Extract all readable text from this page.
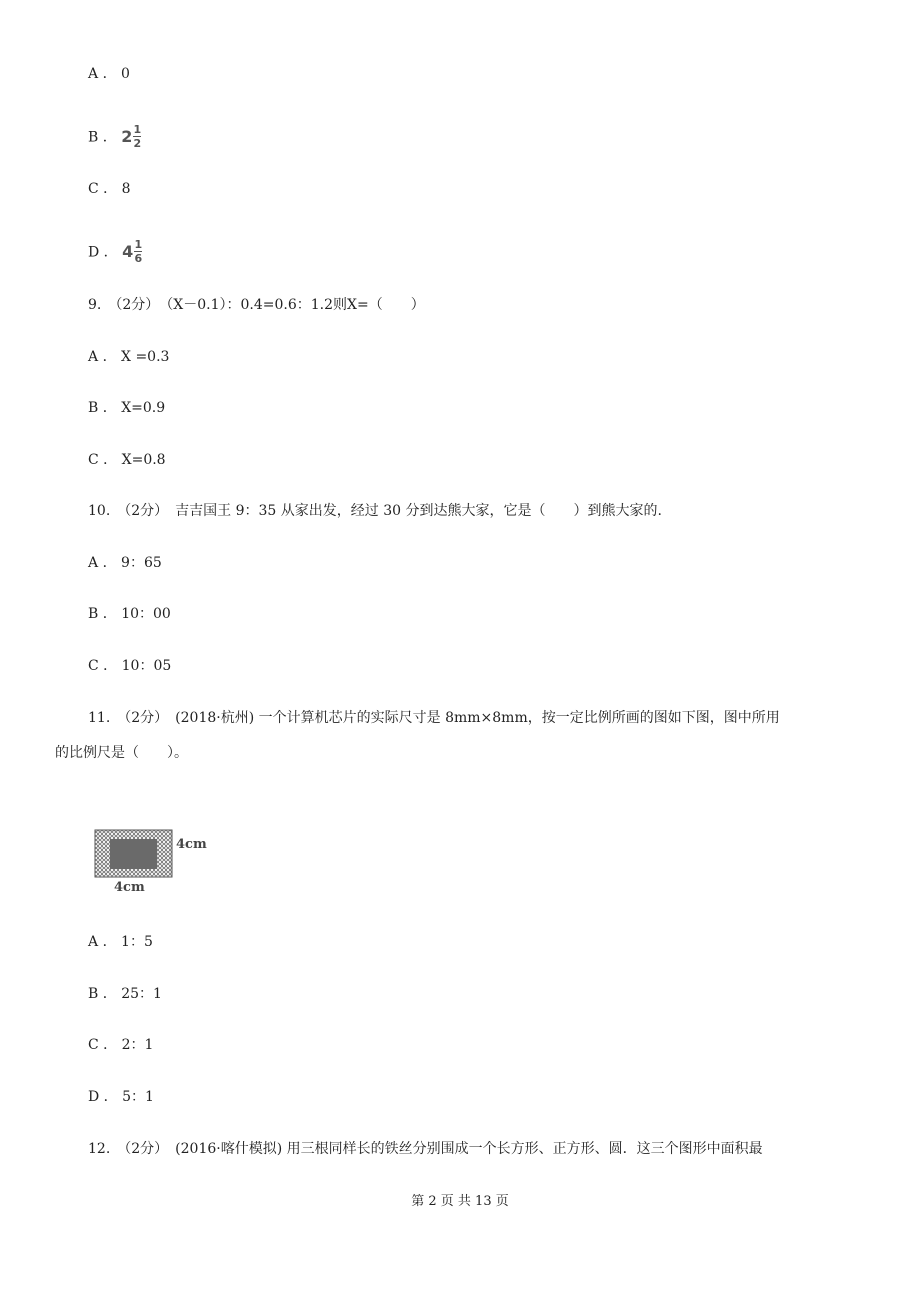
A ． 0
B ． 2 1
2
C ． 8
D ． 4 1
6
9.　（2分）　（X－0.1）：0.4=0.6：1.2则X=（　　）
A ． X =0.3
B ． X=0.9
C ． X=0.8
10.　（2分）　吉吉国王 9：35 从家出发，经过 30 分到达熊大家，它是（　　）到熊大家的.
A ． 9：65
B ． 10：00
C ． 10：05
11.　（2分）　(2018·杭州) 一个计算机芯片的实际尺寸是 8mm×8mm，按一定比例所画的图如下图，图中所用
的比例尺是（　　）。
4cm
4cm
A ． 1：5
B ． 25：1
C ． 2：1
D ． 5：1
12.　（2分）　(2016·喀什模拟) 用三根同样长的铁丝分别围成一个长方形、正方形、圆．这三个图形中面积最
第 2 页 共 13 页
